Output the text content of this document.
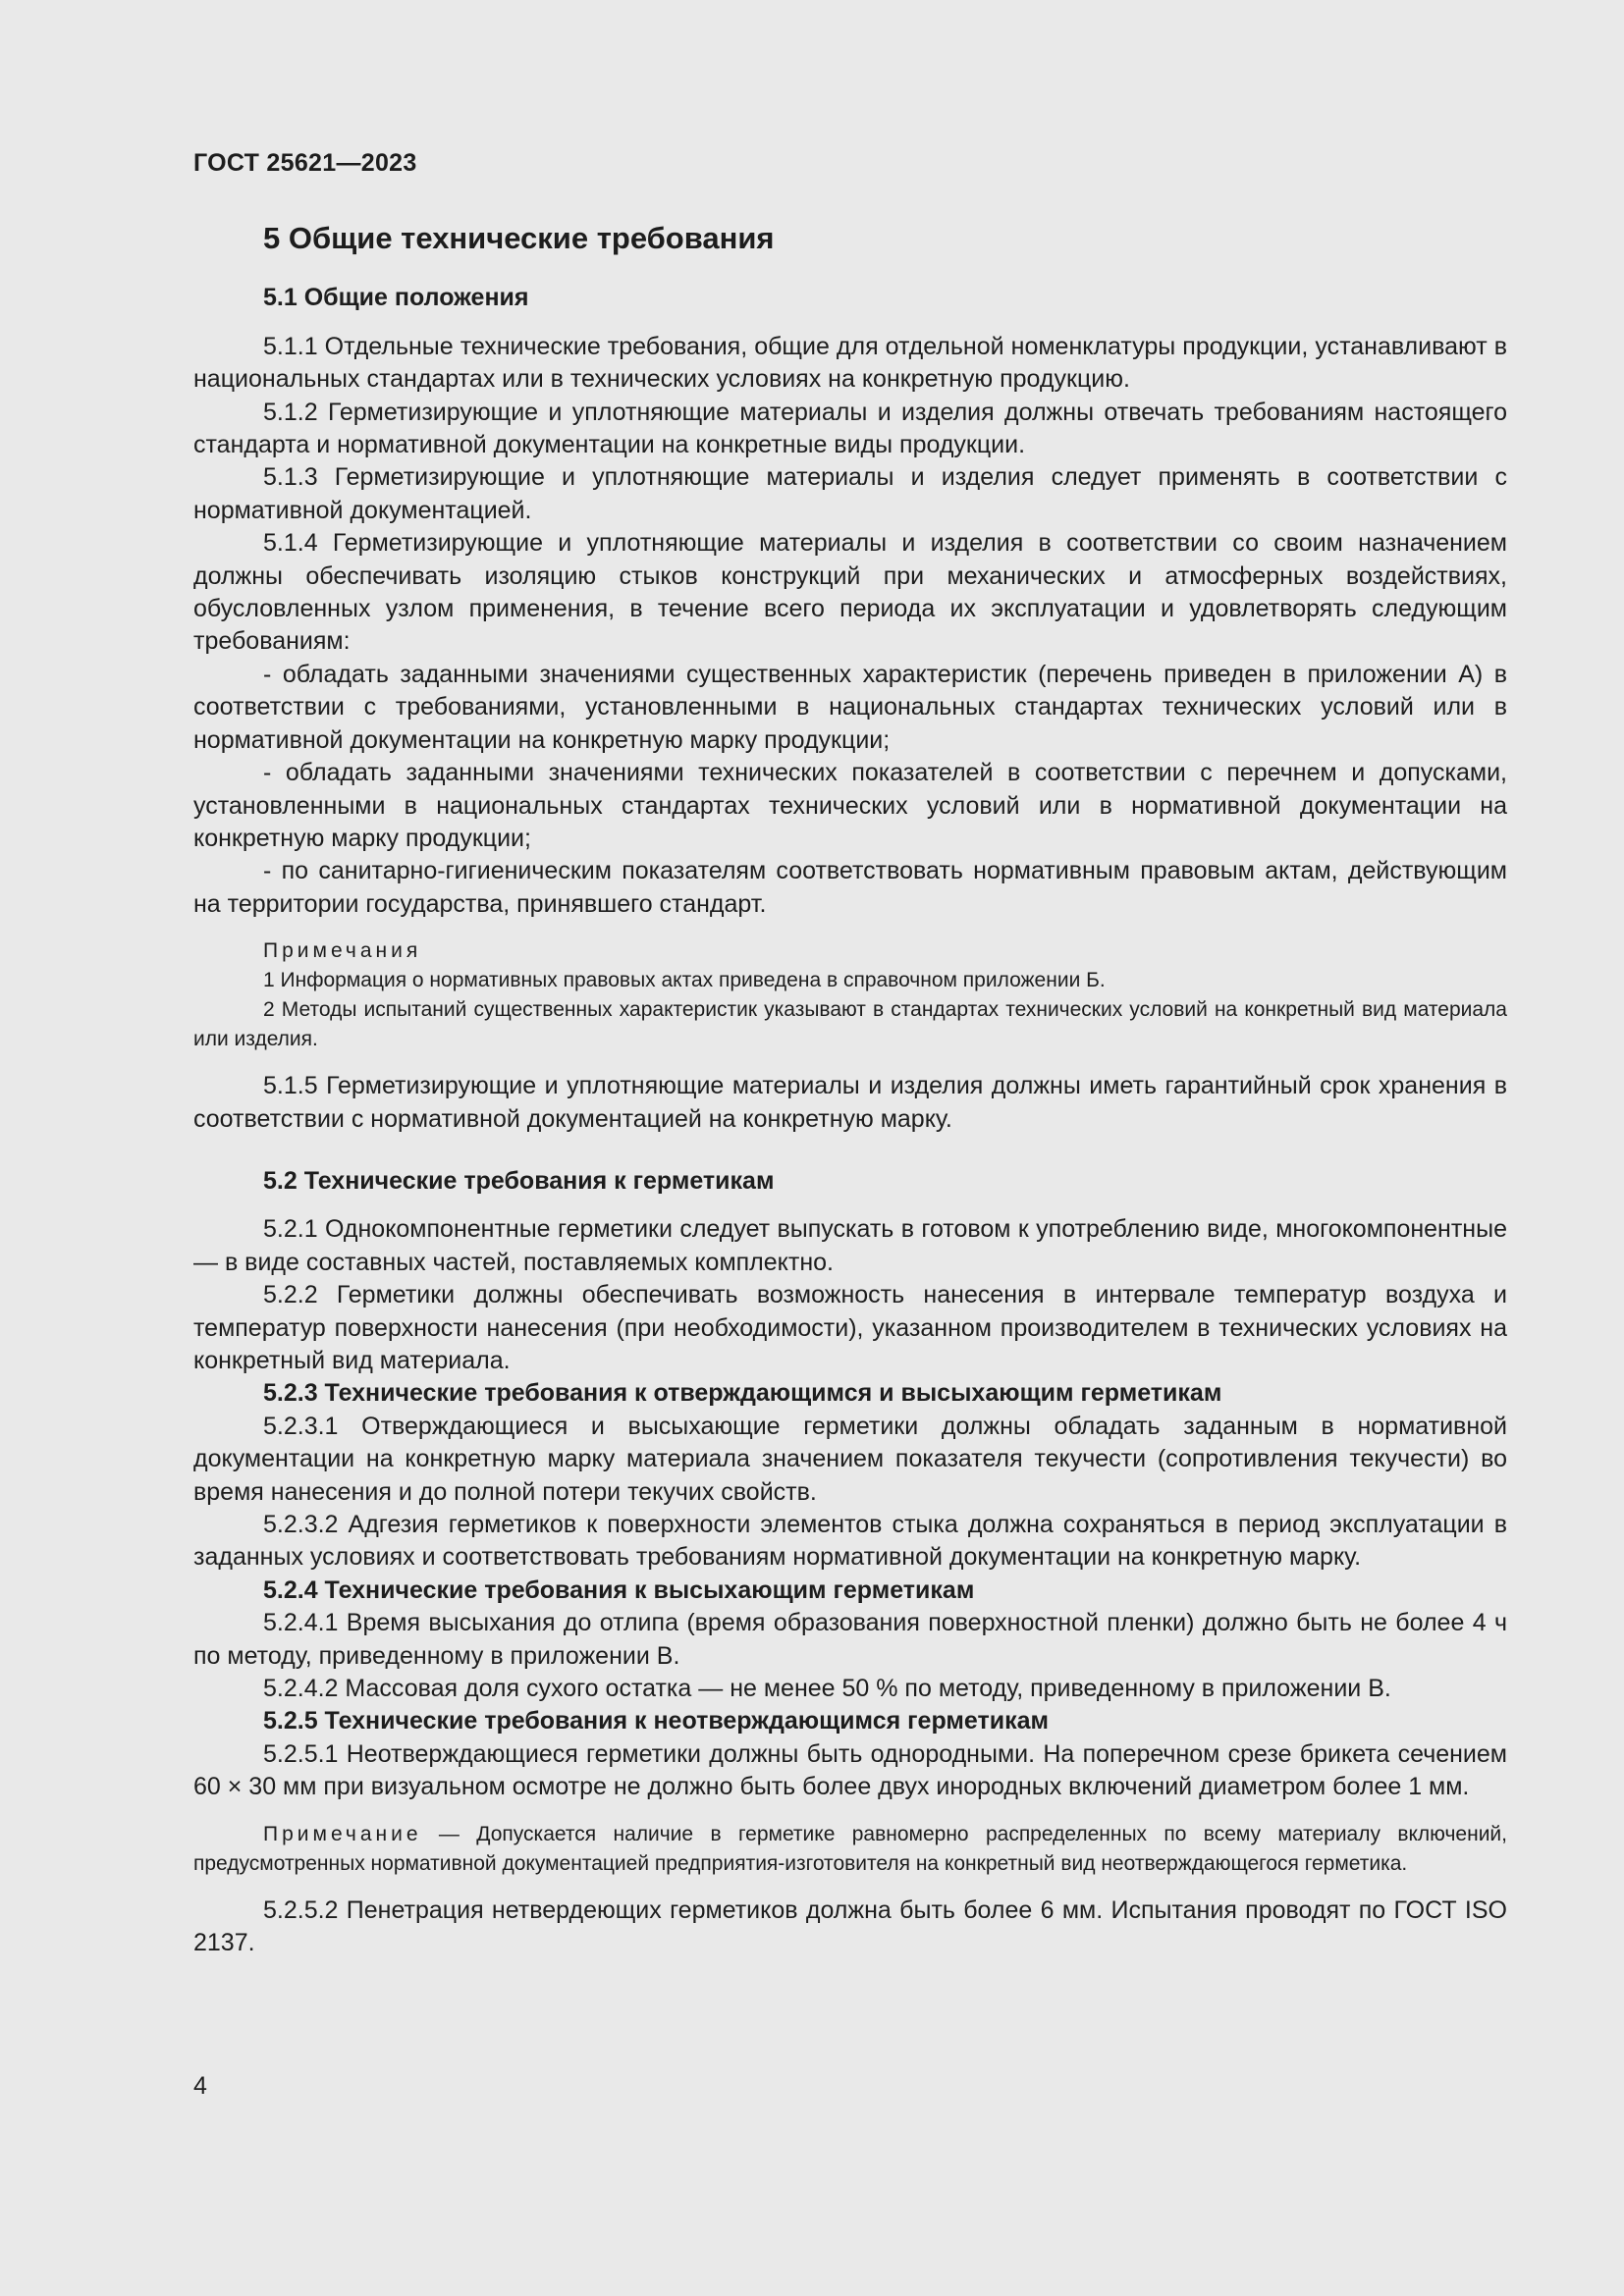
ГОСТ 25621—2023
5 Общие технические требования
5.1 Общие положения

5.1.1 Отдельные технические требования, общие для отдельной номенклатуры продукции, устанавливают в национальных стандартах или в технических условиях на конкретную продукцию.

5.1.2 Герметизирующие и уплотняющие материалы и изделия должны отвечать требованиям настоящего стандарта и нормативной документации на конкретные виды продукции.

5.1.3 Герметизирующие и уплотняющие материалы и изделия следует применять в соответствии с нормативной документацией.

5.1.4 Герметизирующие и уплотняющие материалы и изделия в соответствии со своим назначением должны обеспечивать изоляцию стыков конструкций при механических и атмосферных воздействиях, обусловленных узлом применения, в течение всего периода их эксплуатации и удовлетворять следующим требованиям:

- обладать заданными значениями существенных характеристик (перечень приведен в приложении А) в соответствии с требованиями, установленными в национальных стандартах технических условий или в нормативной документации на конкретную марку продукции;

- обладать заданными значениями технических показателей в соответствии с перечнем и допусками, установленными в национальных стандартах технических условий или в нормативной документации на конкретную марку продукции;

- по санитарно-гигиеническим показателям соответствовать нормативным правовым актам, действующим на территории государства, принявшего стандарт.

Примечания

1 Информация о нормативных правовых актах приведена в справочном приложении Б.

2 Методы испытаний существенных характеристик указывают в стандартах технических условий на конкретный вид материала или изделия.

5.1.5 Герметизирующие и уплотняющие материалы и изделия должны иметь гарантийный срок хранения в соответствии с нормативной документацией на конкретную марку.

5.2 Технические требования к герметикам

5.2.1 Однокомпонентные герметики следует выпускать в готовом к употреблению виде, многокомпонентные — в виде составных частей, поставляемых комплектно.

5.2.2 Герметики должны обеспечивать возможность нанесения в интервале температур воздуха и температур поверхности нанесения (при необходимости), указанном производителем в технических условиях на конкретный вид материала.

5.2.3 Технические требования к отверждающимся и высыхающим герметикам

5.2.3.1 Отверждающиеся и высыхающие герметики должны обладать заданным в нормативной документации на конкретную марку материала значением показателя текучести (сопротивления текучести) во время нанесения и до полной потери текучих свойств.

5.2.3.2 Адгезия герметиков к поверхности элементов стыка должна сохраняться в период эксплуатации в заданных условиях и соответствовать требованиям нормативной документации на конкретную марку.

5.2.4 Технические требования к высыхающим герметикам

5.2.4.1 Время высыхания до отлипа (время образования поверхностной пленки) должно быть не более 4 ч по методу, приведенному в приложении В.

5.2.4.2 Массовая доля сухого остатка — не менее 50 % по методу, приведенному в приложении В.

5.2.5 Технические требования к неотверждающимся герметикам

5.2.5.1 Неотверждающиеся герметики должны быть однородными. На поперечном срезе брикета сечением 60 × 30 мм при визуальном осмотре не должно быть более двух инородных включений диаметром более 1 мм.

Примечание — Допускается наличие в герметике равномерно распределенных по всему материалу включений, предусмотренных нормативной документацией предприятия-изготовителя на конкретный вид неотверждающегося герметика.

5.2.5.2 Пенетрация нетвердеющих герметиков должна быть более 6 мм. Испытания проводят по ГОСТ ISO 2137.

4
